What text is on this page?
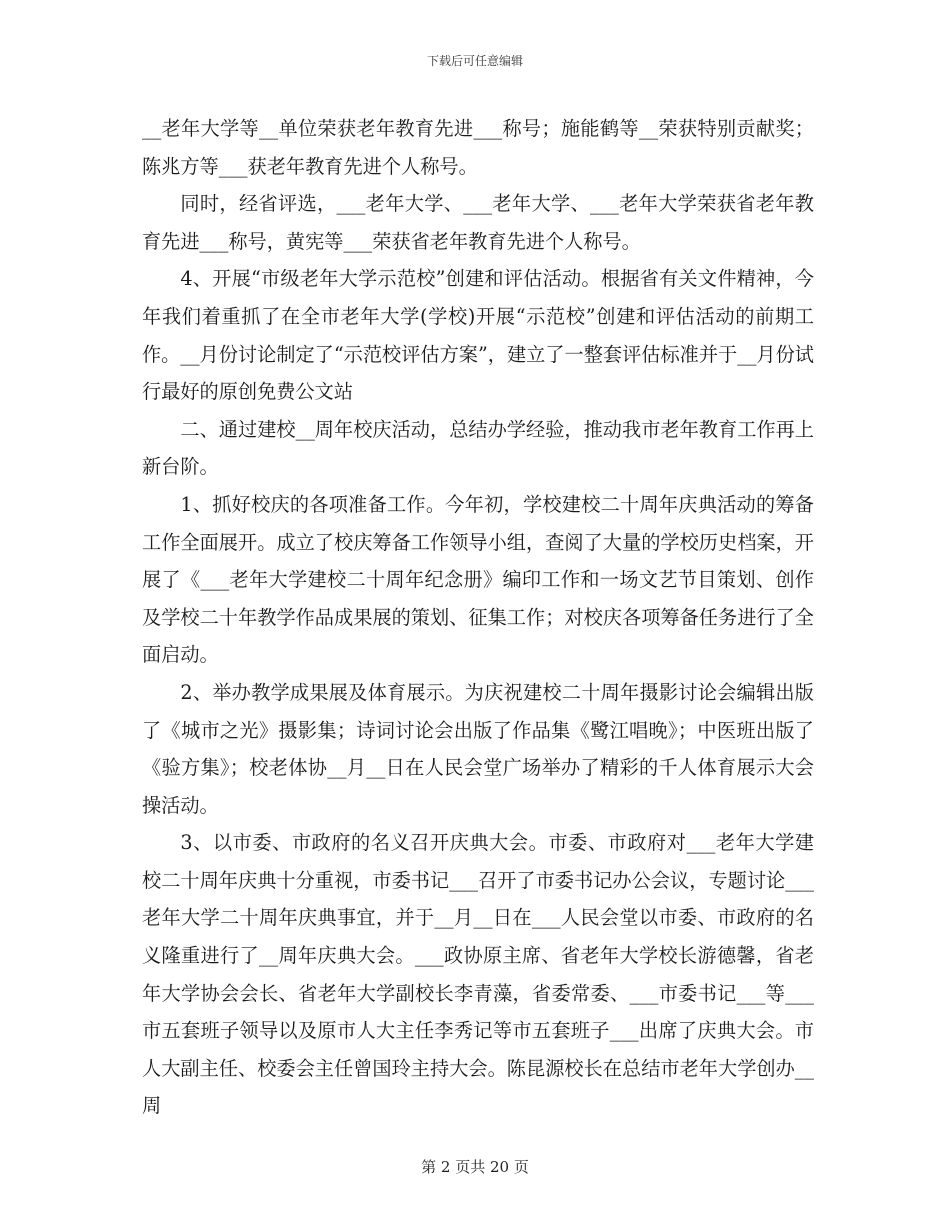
下载后可任意编辑

__老年大学等__单位荣获老年教育先进___称号；施能鹤等__荣获特别贡献奖；陈兆方等___获老年教育先进个人称号。

同时，经省评选，___老年大学、___老年大学、___老年大学荣获省老年教育先进___称号，黄宪等___荣获省老年教育先进个人称号。

4、开展“市级老年大学示范校”创建和评估活动。根据省有关文件精神，今年我们着重抓了在全市老年大学(学校)开展“示范校”创建和评估活动的前期工作。__月份讨论制定了“示范校评估方案”，建立了一整套评估标准并于__月份试行最好的原创免费公文站

二、通过建校__周年校庆活动，总结办学经验，推动我市老年教育工作再上新台阶。

1、抓好校庆的各项准备工作。今年初，学校建校二十周年庆典活动的筹备工作全面展开。成立了校庆筹备工作领导小组，查阅了大量的学校历史档案，开展了《___老年大学建校二十周年纪念册》编印工作和一场文艺节目策划、创作及学校二十年教学作品成果展的策划、征集工作；对校庆各项筹备任务进行了全面启动。

2、举办教学成果展及体育展示。为庆祝建校二十周年摄影讨论会编辑出版了《城市之光》摄影集；诗词讨论会出版了作品集《鹭江唱晚》；中医班出版了《验方集》；校老体协__月__日在人民会堂广场举办了精彩的千人体育展示大会操活动。

3、以市委、市政府的名义召开庆典大会。市委、市政府对___老年大学建校二十周年庆典十分重视，市委书记___召开了市委书记办公会议，专题讨论___老年大学二十周年庆典事宜，并于__月__日在___人民会堂以市委、市政府的名义隆重进行了__周年庆典大会。___政协原主席、省老年大学校长游德馨，省老年大学协会会长、省老年大学副校长李青藻，省委常委、___市委书记___等___市五套班子领导以及原市人大主任李秀记等市五套班子___出席了庆典大会。市人大副主任、校委会主任曾国玲主持大会。陈昆源校长在总结市老年大学创办__周

第 2 页共 20 页
